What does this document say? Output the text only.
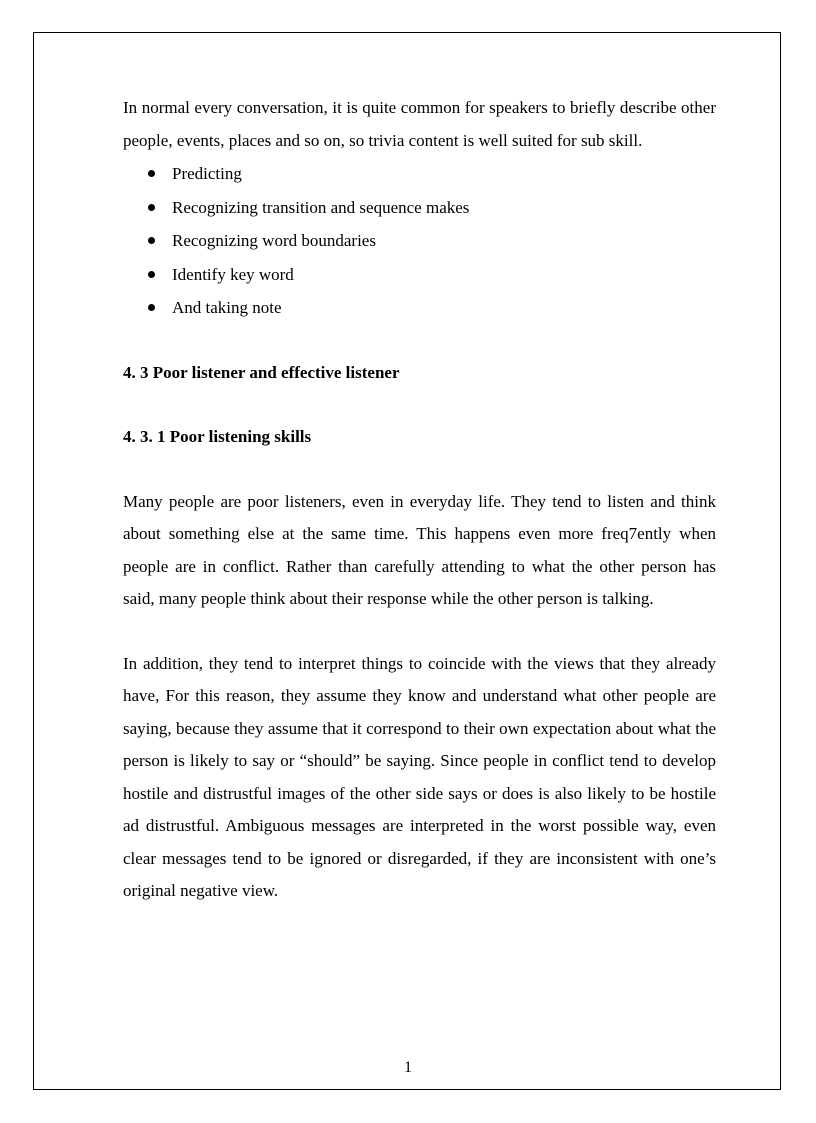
In normal every conversation, it is quite common for speakers to briefly describe other people, events, places and so on, so trivia content is well suited for sub skill.

Predicting
Recognizing transition and sequence makes
Recognizing word boundaries
Identify key word
And taking note
4. 3 Poor listener and effective listener
4. 3. 1 Poor listening skills

Many people are poor listeners, even in everyday life. They tend to listen and think about something else at the same time. This happens even more freq7ently when people are in conflict. Rather than carefully attending to what the other person has said, many people think about their response while the other person is talking.

In addition, they tend to interpret things to coincide with the views that they already have, For this reason, they assume they know and understand what other people are saying, because they assume that it correspond to their own expectation about what the person is likely to say or “should” be saying. Since people in conflict tend to develop hostile and distrustful images of the other side says or does is also likely to be hostile ad distrustful. Ambiguous messages are interpreted in the worst possible way, even clear messages tend to be ignored or disregarded, if they are inconsistent with one’s original negative view.

1
